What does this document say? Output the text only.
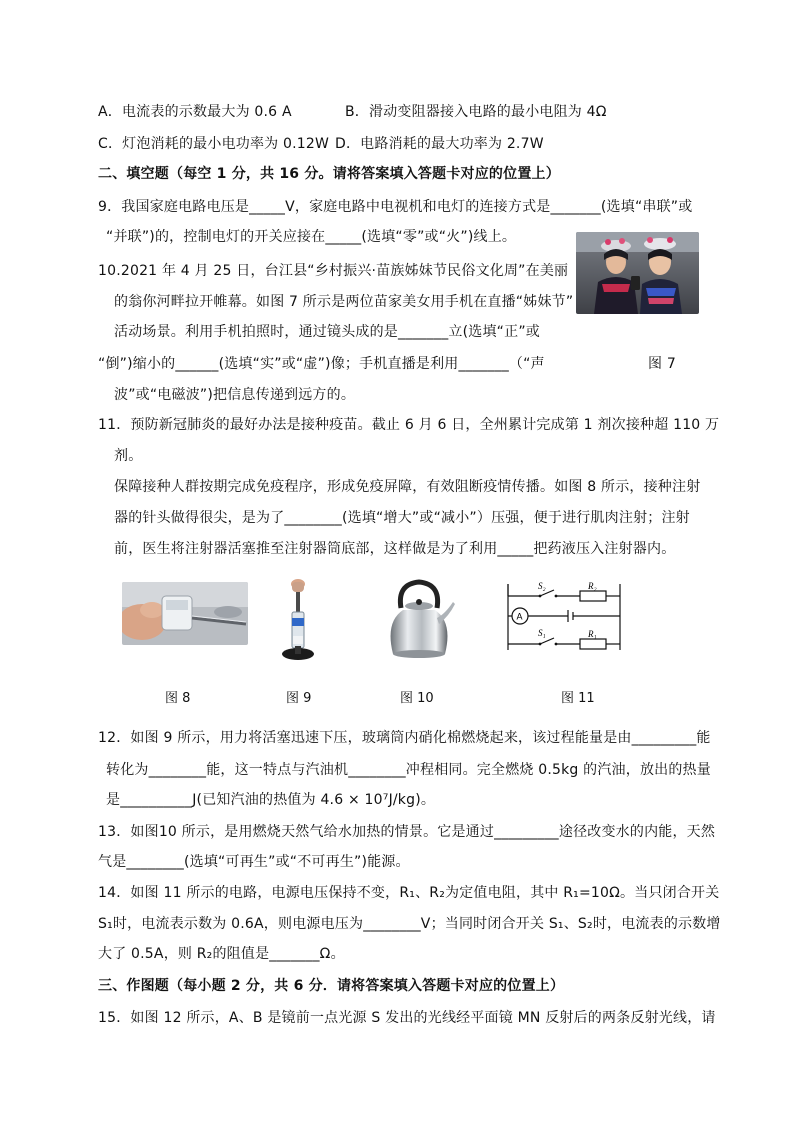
A．电流表的示数最大为 0.6 A	B．滑动变阻器接入电路的最小电阻为 4Ω
C．灯泡消耗的最小电功率为 0.12W D．电路消耗的最大功率为 2.7W
二、填空题（每空 1 分，共 16 分。请将答案填入答题卡对应的位置上）
9．我国家庭电路电压是_____V，家庭电路中电视机和电灯的连接方式是_______(选填“串联”或
“并联”)的，控制电灯的开关应接在_____(选填“零”或“火”)线上。
10.2021 年 4 月 25 日，台江县“乡村振兴·苗族姊妹节民俗文化周”在美丽
的翁你河畔拉开帷幕。如图 7 所示是两位苗家美女用手机在直播“姊妹节”
活动场景。利用手机拍照时，通过镜头成的是_______立(选填“正”或
“倒”)缩小的______(选填“实”或“虚”)像；手机直播是利用_______（“声	图 7
波”或“电磁波”)把信息传递到远方的。
11．预防新冠肺炎的最好办法是接种疫苗。截止 6 月 6 日，全州累计完成第 1 剂次接种超 110 万
剂。
保障接种人群按期完成免疫程序，形成免疫屏障，有效阻断疫情传播。如图 8 所示，接种注射
器的针头做得很尖，是为了________(选填“增大”或“减小”）压强，便于进行肌肉注射；注射
前，医生将注射器活塞推至注射器筒底部，这样做是为了利用_____把药液压入注射器内。
S₂	R₂
A
S₁	R₁
图 8	图 9	图 10	图 11
12．如图 9 所示，用力将活塞迅速下压，玻璃筒内硝化棉燃烧起来，该过程能量是由_________能
转化为________能，这一特点与汽油机________冲程相同。完全燃烧 0.5kg 的汽油，放出的热量
是__________J(已知汽油的热值为 4.6 × 10⁷J/kg)。
13．如图10 所示，是用燃烧天然气给水加热的情景。它是通过_________途径改变水的内能，天然
气是________(选填“可再生”或“不可再生”)能源。
14．如图 11 所示的电路，电源电压保持不变，R₁、R₂为定值电阻，其中 R₁=10Ω。当只闭合开关
S₁时，电流表示数为 0.6A，则电源电压为________V；当同时闭合开关 S₁、S₂时，电流表的示数增
大了 0.5A，则 R₂的阻值是_______Ω。
三、作图题（每小题 2 分，共 6 分．请将答案填入答题卡对应的位置上）
15．如图 12 所示，A、B 是镜前一点光源 S 发出的光线经平面镜 MN 反射后的两条反射光线，请
